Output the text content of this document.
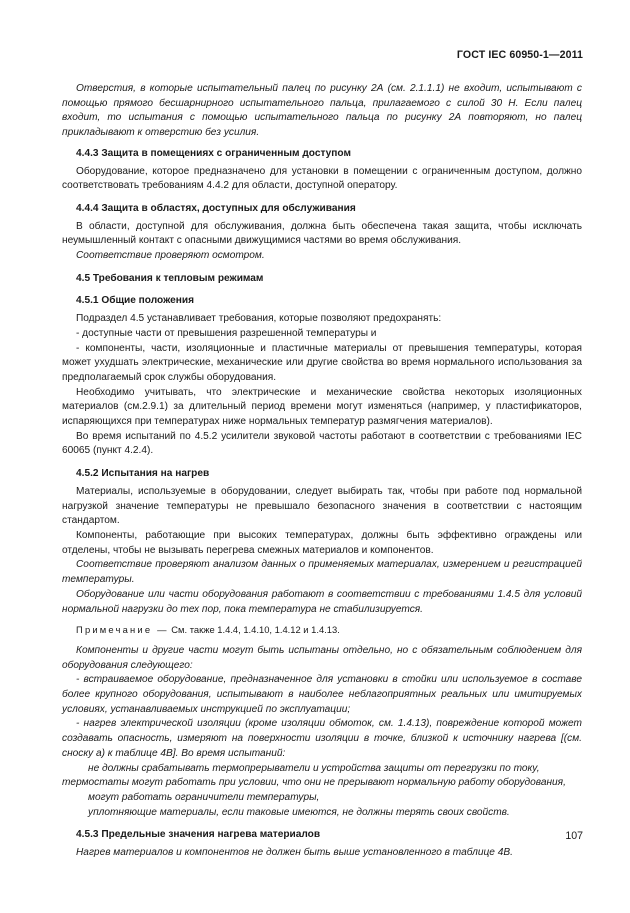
ГОСТ IEC 60950-1—2011

Отверстия, в которые испытательный палец по рисунку 2А (см. 2.1.1.1) не входит, испытывают с помощью прямого бесшарнирного испытательного пальца, прилагаемого с силой 30 Н. Если палец входит, то испытания с помощью испытательного пальца по рисунку 2А повторяют, но палец прикладывают к отверстию без усилия.

4.4.3 Защита в помещениях с ограниченным доступом

Оборудование, которое предназначено для установки в помещении с ограниченным доступом, должно соответствовать требованиям 4.4.2 для области, доступной оператору.

4.4.4 Защита в областях, доступных для обслуживания

В области, доступной для обслуживания, должна быть обеспечена такая защита, чтобы исключать неумышленный контакт с опасными движущимися частями во время обслуживания.

Соответствие проверяют осмотром.

4.5 Требования к тепловым режимам

4.5.1 Общие положения

Подраздел 4.5 устанавливает требования, которые позволяют предохранять:

- доступные части от превышения разрешенной температуры и

- компоненты, части, изоляционные и пластичные материалы от превышения температуры, которая может ухудшать электрические, механические или другие свойства во время нормального использования за предполагаемый срок службы оборудования.

Необходимо учитывать, что электрические и механические свойства некоторых изоляционных материалов (см.2.9.1) за длительный период времени могут изменяться (например, у пластификаторов, испаряющихся при температурах ниже нормальных температур размягчения материалов).

Во время испытаний по 4.5.2 усилители звуковой частоты работают в соответствии с требованиями IEC 60065 (пункт 4.2.4).

4.5.2 Испытания на нагрев

Материалы, используемые в оборудовании, следует выбирать так, чтобы при работе под нормальной нагрузкой значение температуры не превышало безопасного значения в соответствии с настоящим стандартом.

Компоненты, работающие при высоких температурах, должны быть эффективно ограждены или отделены, чтобы не вызывать перегрева смежных материалов и компонентов.

Соответствие проверяют анализом данных о применяемых материалах, измерением и регистрацией температуры.

Оборудование или части оборудования работают в соответствии с требованиями 1.4.5 для условий нормальной нагрузки до тех пор, пока температура не стабилизируется.

Примечание — См. также 1.4.4, 1.4.10, 1.4.12 и 1.4.13.

Компоненты и другие части могут быть испытаны отдельно, но с обязательным соблюдением для оборудования следующего:

- встраиваемое оборудование, предназначенное для установки в стойки или используемое в составе более крупного оборудования, испытывают в наиболее неблагоприятных реальных или имитируемых условиях, устанавливаемых инструкцией по эксплуатации;

- нагрев электрической изоляции (кроме изоляции обмоток, см. 1.4.13), повреждение которой может создавать опасность, измеряют на поверхности изоляции в точке, близкой к источнику нагрева [(см. сноску а) к таблице 4В]. Во время испытаний:

не должны срабатывать термопрерыватели и устройства защиты от перегрузки по току,

термостаты могут работать при условии, что они не прерывают нормальную работу оборудования,

могут работать ограничители температуры,

уплотняющие материалы, если таковые имеются, не должны терять своих свойств.

4.5.3 Предельные значения нагрева материалов

Нагрев материалов и компонентов не должен быть выше установленного в таблице 4В.

107
